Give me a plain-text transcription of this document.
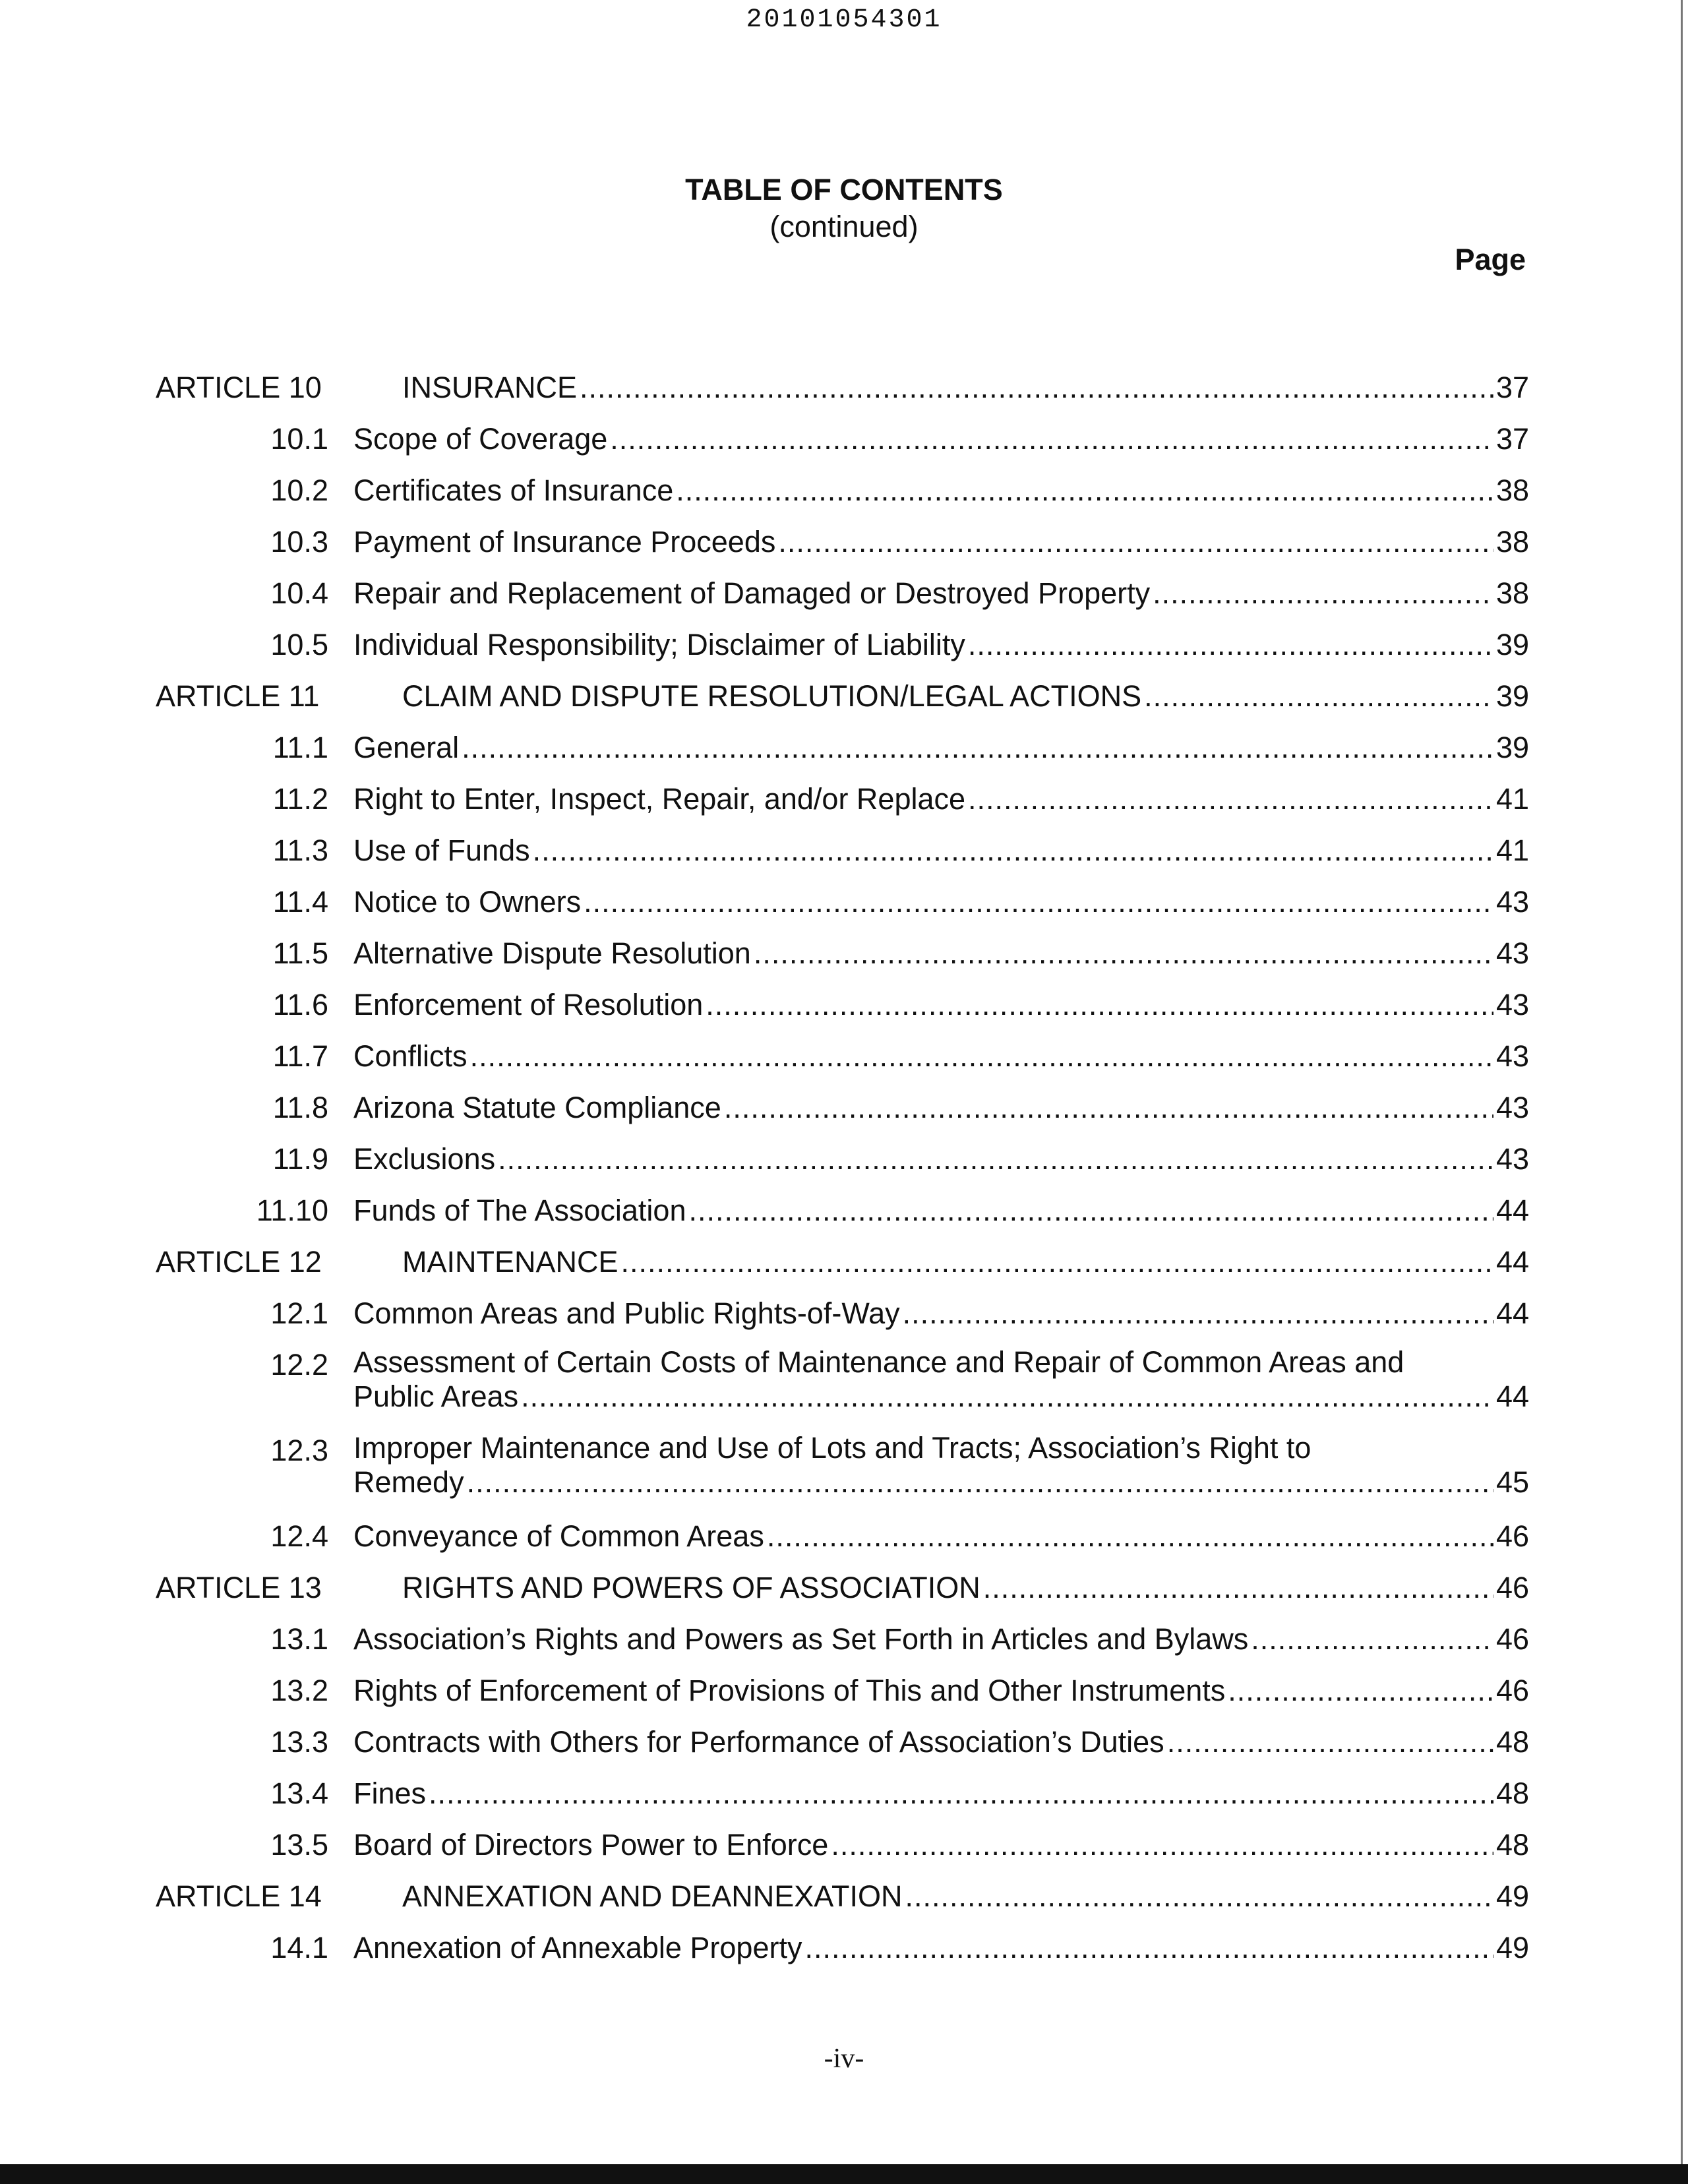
20101054301
TABLE OF CONTENTS
(continued)
Page
ARTICLE 10	INSURANCE .....	37
10.1 Scope of Coverage .....	37
10.2 Certificates of Insurance .....	38
10.3 Payment of Insurance Proceeds .....	38
10.4 Repair and Replacement of Damaged or Destroyed Property .....	38
10.5 Individual Responsibility; Disclaimer of Liability .....	39
ARTICLE 11	CLAIM AND DISPUTE RESOLUTION/LEGAL ACTIONS .....	39
11.1 General .....	39
11.2 Right to Enter, Inspect, Repair, and/or Replace .....	41
11.3 Use of Funds .....	41
11.4 Notice to Owners .....	43
11.5 Alternative Dispute Resolution .....	43
11.6 Enforcement of Resolution .....	43
11.7 Conflicts .....	43
11.8 Arizona Statute Compliance .....	43
11.9 Exclusions .....	43
11.10 Funds of The Association .....	44
ARTICLE 12	MAINTENANCE .....	44
12.1 Common Areas and Public Rights-of-Way .....	44
12.2 Assessment of Certain Costs of Maintenance and Repair of Common Areas and
Public Areas .....	44
12.3 Improper Maintenance and Use of Lots and Tracts; Association’s Right to
Remedy .....	45
12.4 Conveyance of Common Areas .....	46
ARTICLE 13	RIGHTS AND POWERS OF ASSOCIATION .....	46
13.1 Association’s Rights and Powers as Set Forth in Articles and Bylaws .....	46
13.2 Rights of Enforcement of Provisions of This and Other Instruments .....	46
13.3 Contracts with Others for Performance of Association’s Duties .....	48
13.4 Fines .....	48
13.5 Board of Directors Power to Enforce .....	48
ARTICLE 14	ANNEXATION AND DEANNEXATION .....	49
14.1 Annexation of Annexable Property .....	49
-iv-
